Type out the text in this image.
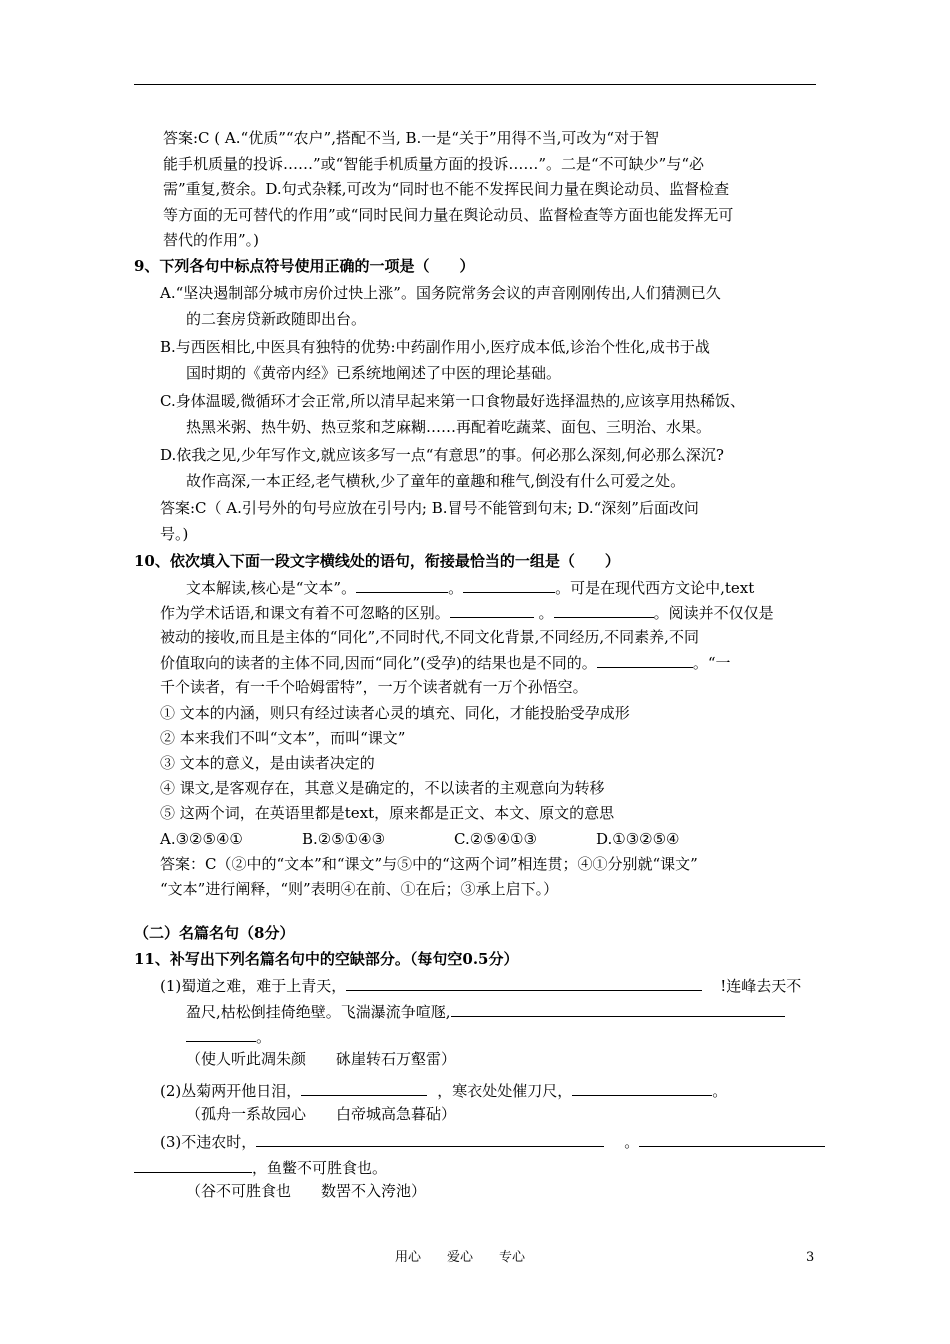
答案:C ( A.“优质”“农户”,搭配不当, B.一是“关于”用得不当,可改为“对于智
能手机质量的投诉……”或“智能手机质量方面的投诉……”。二是“不可缺少”与“必
需”重复,赘余。D.句式杂糅,可改为“同时也不能不发挥民间力量在舆论动员、监督检查
等方面的无可替代的作用”或“同时民间力量在舆论动员、监督检查等方面也能发挥无可
替代的作用”。)
9、下列各句中标点符号使用正确的一项是（　　）
A.“坚决遏制部分城市房价过快上涨”。国务院常务会议的声音刚刚传出,人们猜测已久
的二套房贷新政随即出台。
B.与西医相比,中医具有独特的优势:中药副作用小,医疗成本低,诊治个性化,成书于战
国时期的《黄帝内经》已系统地阐述了中医的理论基础。
C.身体温暖,微循环才会正常,所以清早起来第一口食物最好选择温热的,应该享用热稀饭、
热黑米粥、热牛奶、热豆浆和芝麻糊……再配着吃蔬菜、面包、三明治、水果。
D.依我之见,少年写作文,就应该多写一点“有意思”的事。何必那么深刻,何必那么深沉?
故作高深,一本正经,老气横秋,少了童年的童趣和稚气,倒没有什么可爱之处。
答案:C（ A.引号外的句号应放在引号内; B.冒号不能管到句末; D.“深刻”后面改问
号。)
10、依次填入下面一段文字横线处的语句，衔接最恰当的一组是（　　）
文本解读,核心是“文本”。	。	。可是在现代西方文论中,text
作为学术话语,和课文有着不可忽略的区别。	。	。阅读并不仅仅是
被动的接收,而且是主体的“同化”,不同时代,不同文化背景,不同经历,不同素养,不同
价值取向的读者的主体不同,因而“同化”(受孕)的结果也是不同的。	。“一
千个读者，有一千个哈姆雷特”，一万个读者就有一万个孙悟空。
① 文本的内涵，则只有经过读者心灵的填充、同化，才能投胎受孕成形
② 本来我们不叫“文本”，而叫“课文”
③ 文本的意义，是由读者决定的
④ 课文,是客观存在，其意义是确定的，不以读者的主观意向为转移
⑤ 这两个词，在英语里都是text，原来都是正文、本文、原文的意思
A.③②⑤④①	B.②⑤①④③	C.②⑤④①③	D.①③②⑤④
答案：C（②中的“文本”和“课文”与⑤中的“这两个词”相连贯；④①分别就“课文”
“文本”进行阐释，“则”表明④在前、①在后；③承上启下。）
（二）名篇名句（8分）
11、补写出下列名篇名句中的空缺部分。（每句空0.5分）
(1)蜀道之难，难于上青天，	!连峰去天不
盈尺,枯松倒挂倚绝壁。飞湍瀑流争喧豗,
。
（使人听此凋朱颜　　砯崖转石万壑雷）
(2)丛菊两开他日泪，	，寒衣处处催刀尺，	。
（孤舟一系故园心　　白帝城高急暮砧）
(3)不违农时，	。
，鱼鳖不可胜食也。
（谷不可胜食也　　数罟不入洿池）
用心　　爱心　　专心	3
